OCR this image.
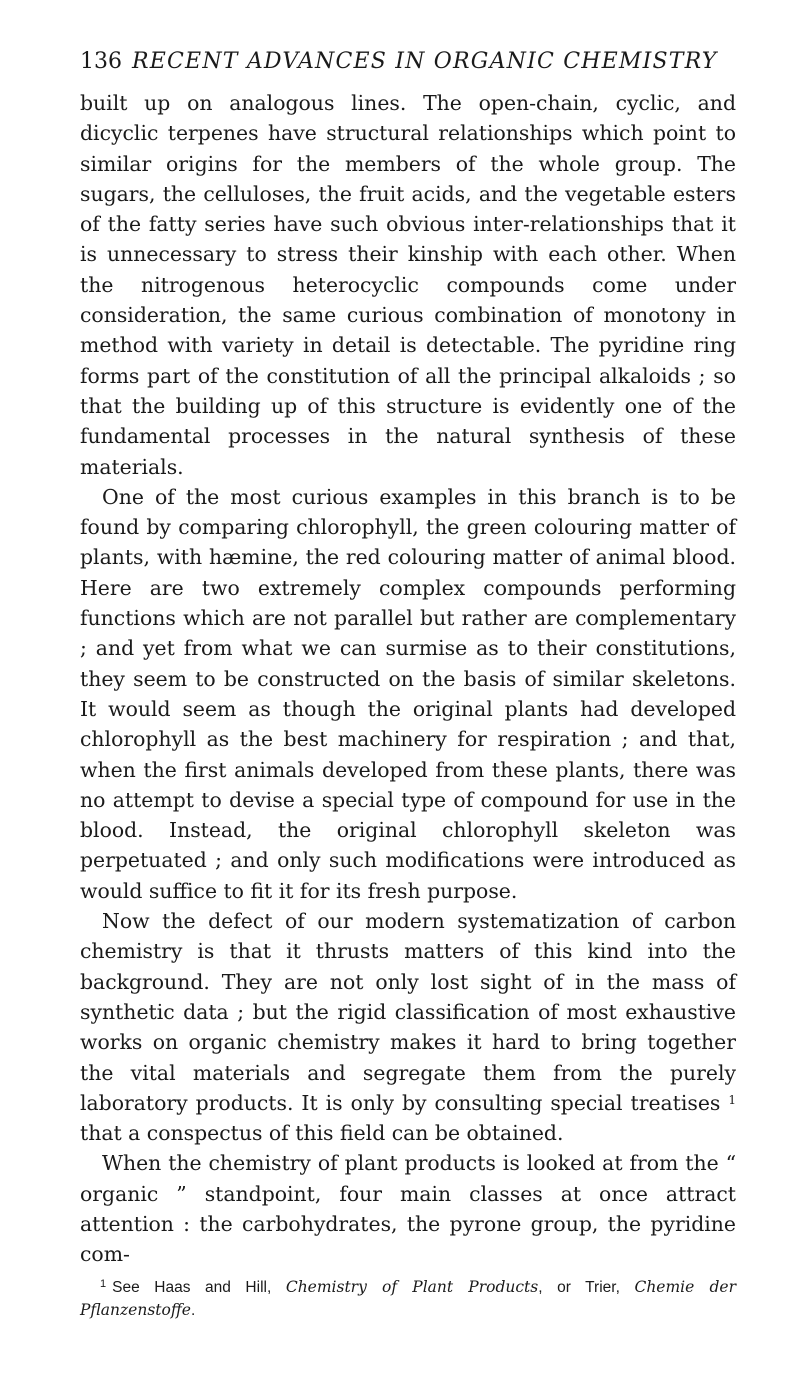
136 RECENT ADVANCES IN ORGANIC CHEMISTRY

built up on analogous lines. The open-chain, cyclic, and dicyclic terpenes have structural relationships which point to similar origins for the members of the whole group. The sugars, the celluloses, the fruit acids, and the vegetable esters of the fatty series have such obvious inter-relationships that it is unnecessary to stress their kinship with each other. When the nitrogenous heterocyclic compounds come under consideration, the same curious combination of monotony in method with variety in detail is detectable. The pyridine ring forms part of the constitution of all the principal alkaloids ; so that the building up of this structure is evidently one of the fundamental processes in the natural synthesis of these materials.

One of the most curious examples in this branch is to be found by comparing chlorophyll, the green colouring matter of plants, with hæmine, the red colouring matter of animal blood. Here are two extremely complex compounds performing functions which are not parallel but rather are complementary ; and yet from what we can surmise as to their constitutions, they seem to be constructed on the basis of similar skeletons. It would seem as though the original plants had developed chlorophyll as the best machinery for respiration ; and that, when the first animals developed from these plants, there was no attempt to devise a special type of compound for use in the blood. Instead, the original chlorophyll skeleton was perpetuated ; and only such modifications were introduced as would suffice to fit it for its fresh purpose.

Now the defect of our modern systematization of carbon chemistry is that it thrusts matters of this kind into the background. They are not only lost sight of in the mass of synthetic data ; but the rigid classification of most exhaustive works on organic chemistry makes it hard to bring together the vital materials and segregate them from the purely laboratory products. It is only by consulting special treatises $^1$ that a conspectus of this field can be obtained.

When the chemistry of plant products is looked at from the “ organic ” standpoint, four main classes at once attract attention : the carbohydrates, the pyrone group, the pyridine com-

$^1$ See Haas and Hill, Chemistry of Plant Products, or Trier, Chemie der Pflanzenstoffe.
